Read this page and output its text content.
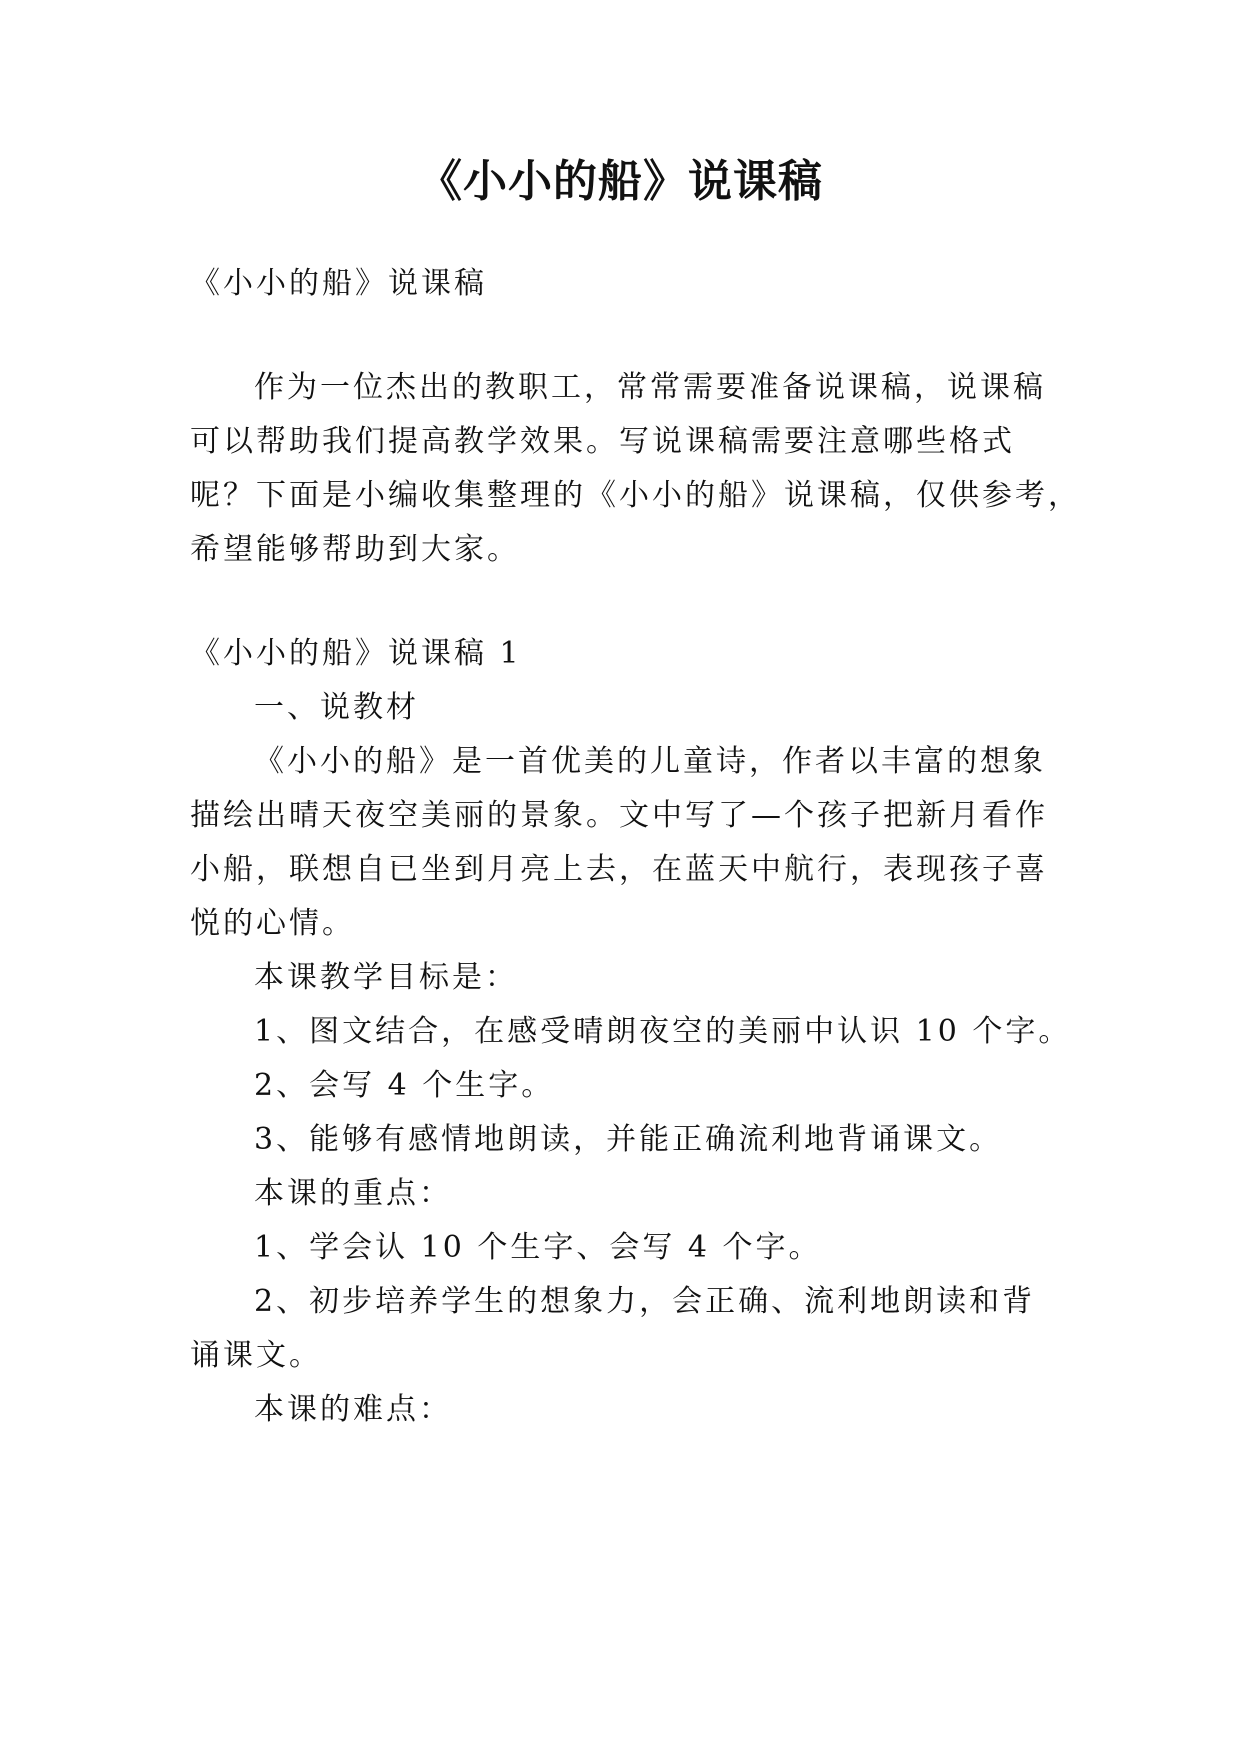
《小小的船》说课稿
《小小的船》说课稿
作为一位杰出的教职工，常常需要准备说课稿，说课稿
可以帮助我们提高教学效果。写说课稿需要注意哪些格式
呢？下面是小编收集整理的《小小的船》说课稿，仅供参考，
希望能够帮助到大家。
《小小的船》说课稿 1
一、说教材
《小小的船》是一首优美的儿童诗，作者以丰富的想象
描绘出晴天夜空美丽的景象。文中写了—个孩子把新月看作
小船，联想自已坐到月亮上去，在蓝天中航行，表现孩子喜
悦的心情。
本课教学目标是：
1、图文结合，在感受晴朗夜空的美丽中认识 10 个字。
2、会写 4 个生字。
3、能够有感情地朗读，并能正确流利地背诵课文。
本课的重点：
1、学会认 10 个生字、会写 4 个字。
2、初步培养学生的想象力，会正确、流利地朗读和背
诵课文。
本课的难点：
